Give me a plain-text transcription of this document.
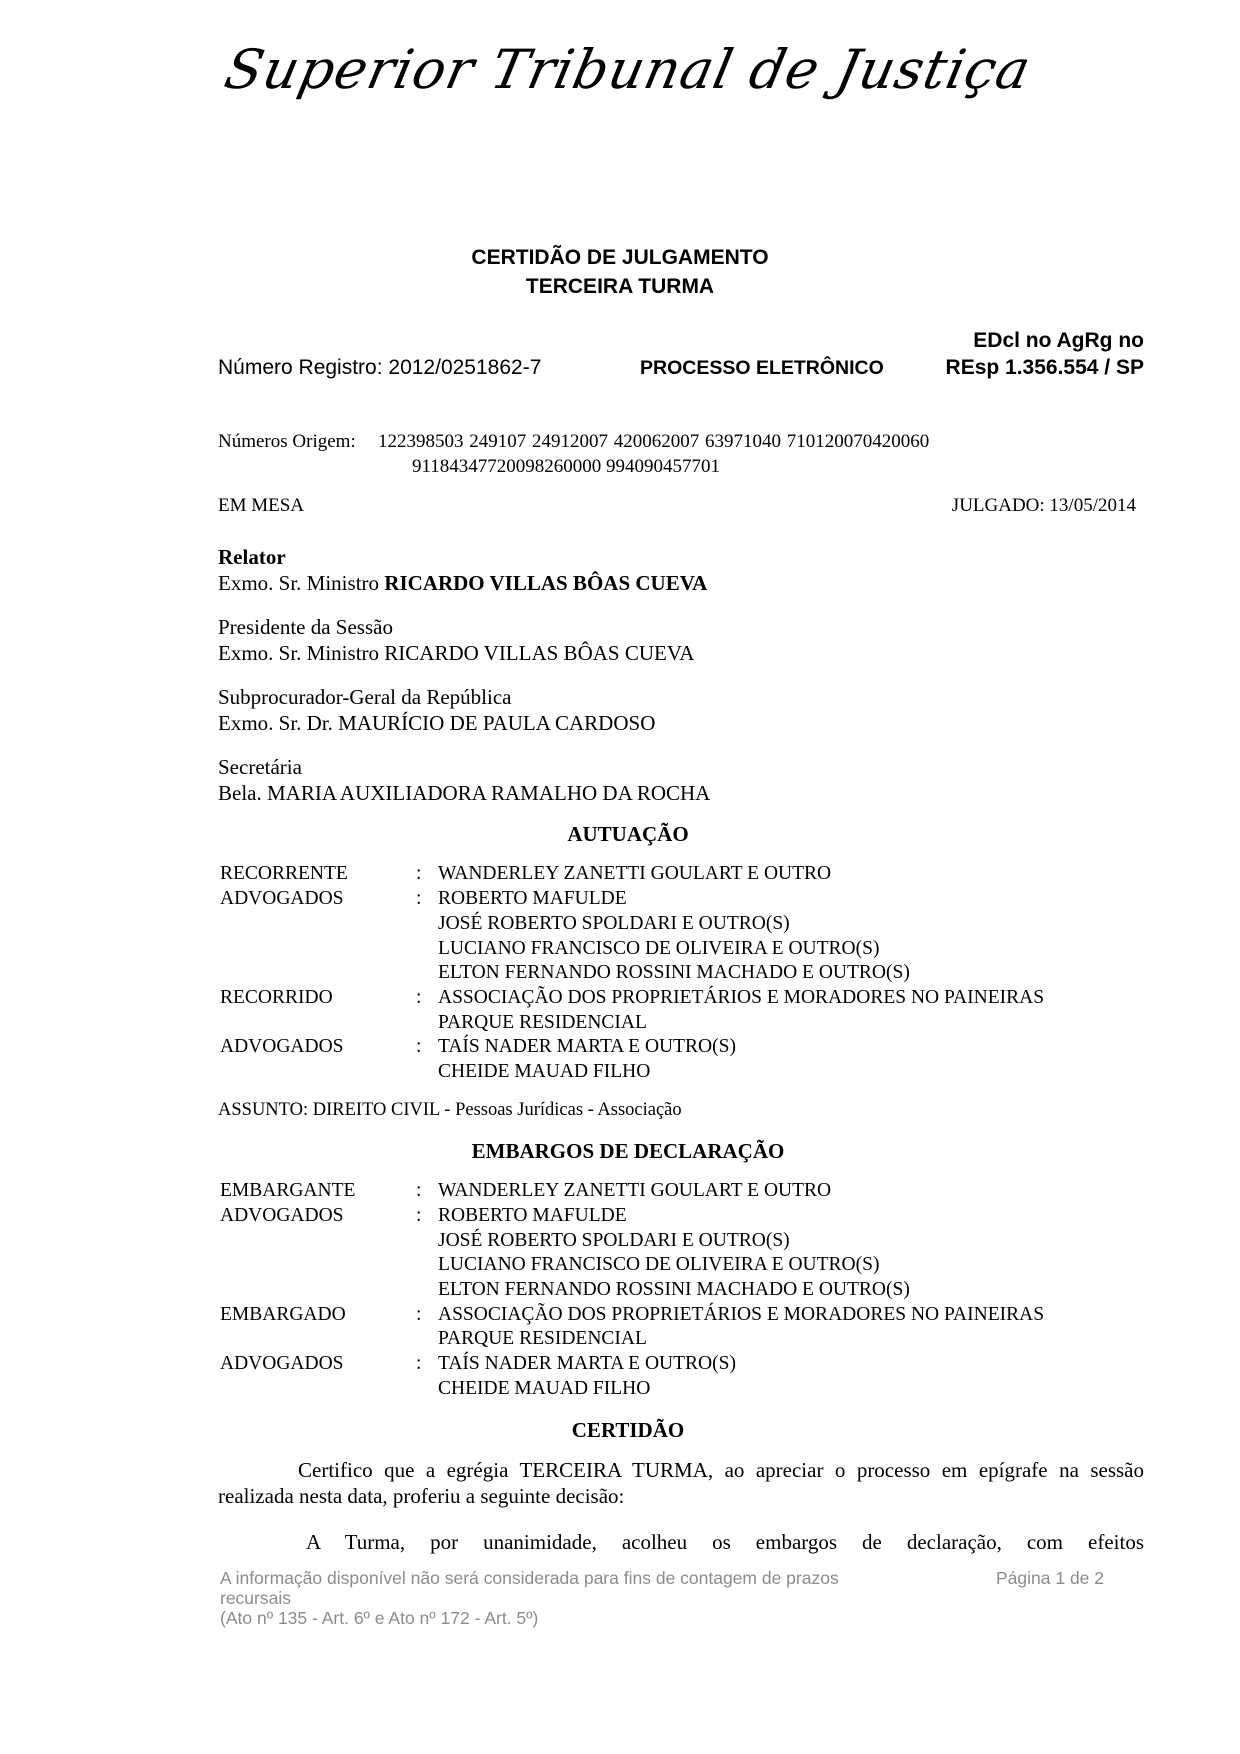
Superior Tribunal de Justiça
CERTIDÃO DE JULGAMENTO
TERCEIRA TURMA
EDcl no AgRg no
Número Registro: 2012/0251862-7	PROCESSO ELETRÔNICO	REsp 1.356.554 / SP
Números Origem: 122398503 249107 24912007 420062007 63971040 710120070420060
91184347720098260000 994090457701
EM MESA	JULGADO: 13/05/2014
Relator
Exmo. Sr. Ministro RICARDO VILLAS BÔAS CUEVA
Presidente da Sessão
Exmo. Sr. Ministro RICARDO VILLAS BÔAS CUEVA
Subprocurador-Geral da República
Exmo. Sr. Dr. MAURÍCIO DE PAULA CARDOSO
Secretária
Bela. MARIA AUXILIADORA RAMALHO DA ROCHA
AUTUAÇÃO
RECORRENTE	: WANDERLEY ZANETTI GOULART E OUTRO
ADVOGADOS	: ROBERTO MAFULDE
JOSÉ ROBERTO SPOLDARI E OUTRO(S)
LUCIANO FRANCISCO DE OLIVEIRA E OUTRO(S)
ELTON FERNANDO ROSSINI MACHADO E OUTRO(S)
RECORRIDO	: ASSOCIAÇÃO DOS PROPRIETÁRIOS E MORADORES NO PAINEIRAS
PARQUE RESIDENCIAL
ADVOGADOS	: TAÍS NADER MARTA E OUTRO(S)
CHEIDE MAUAD FILHO
ASSUNTO: DIREITO CIVIL - Pessoas Jurídicas - Associação
EMBARGOS DE DECLARAÇÃO
EMBARGANTE	: WANDERLEY ZANETTI GOULART E OUTRO
ADVOGADOS	: ROBERTO MAFULDE
JOSÉ ROBERTO SPOLDARI E OUTRO(S)
LUCIANO FRANCISCO DE OLIVEIRA E OUTRO(S)
ELTON FERNANDO ROSSINI MACHADO E OUTRO(S)
EMBARGADO	: ASSOCIAÇÃO DOS PROPRIETÁRIOS E MORADORES NO PAINEIRAS
PARQUE RESIDENCIAL
ADVOGADOS	: TAÍS NADER MARTA E OUTRO(S)
CHEIDE MAUAD FILHO
CERTIDÃO
Certifico que a egrégia TERCEIRA TURMA, ao apreciar o processo em epígrafe na sessão
realizada nesta data, proferiu a seguinte decisão:
A Turma, por unanimidade, acolheu os embargos de declaração, com efeitos
A informação disponível não será considerada para fins de contagem de prazos
recursais
(Ato nº 135 - Art. 6º e Ato nº 172 - Art. 5º)
Página 1 de 2
